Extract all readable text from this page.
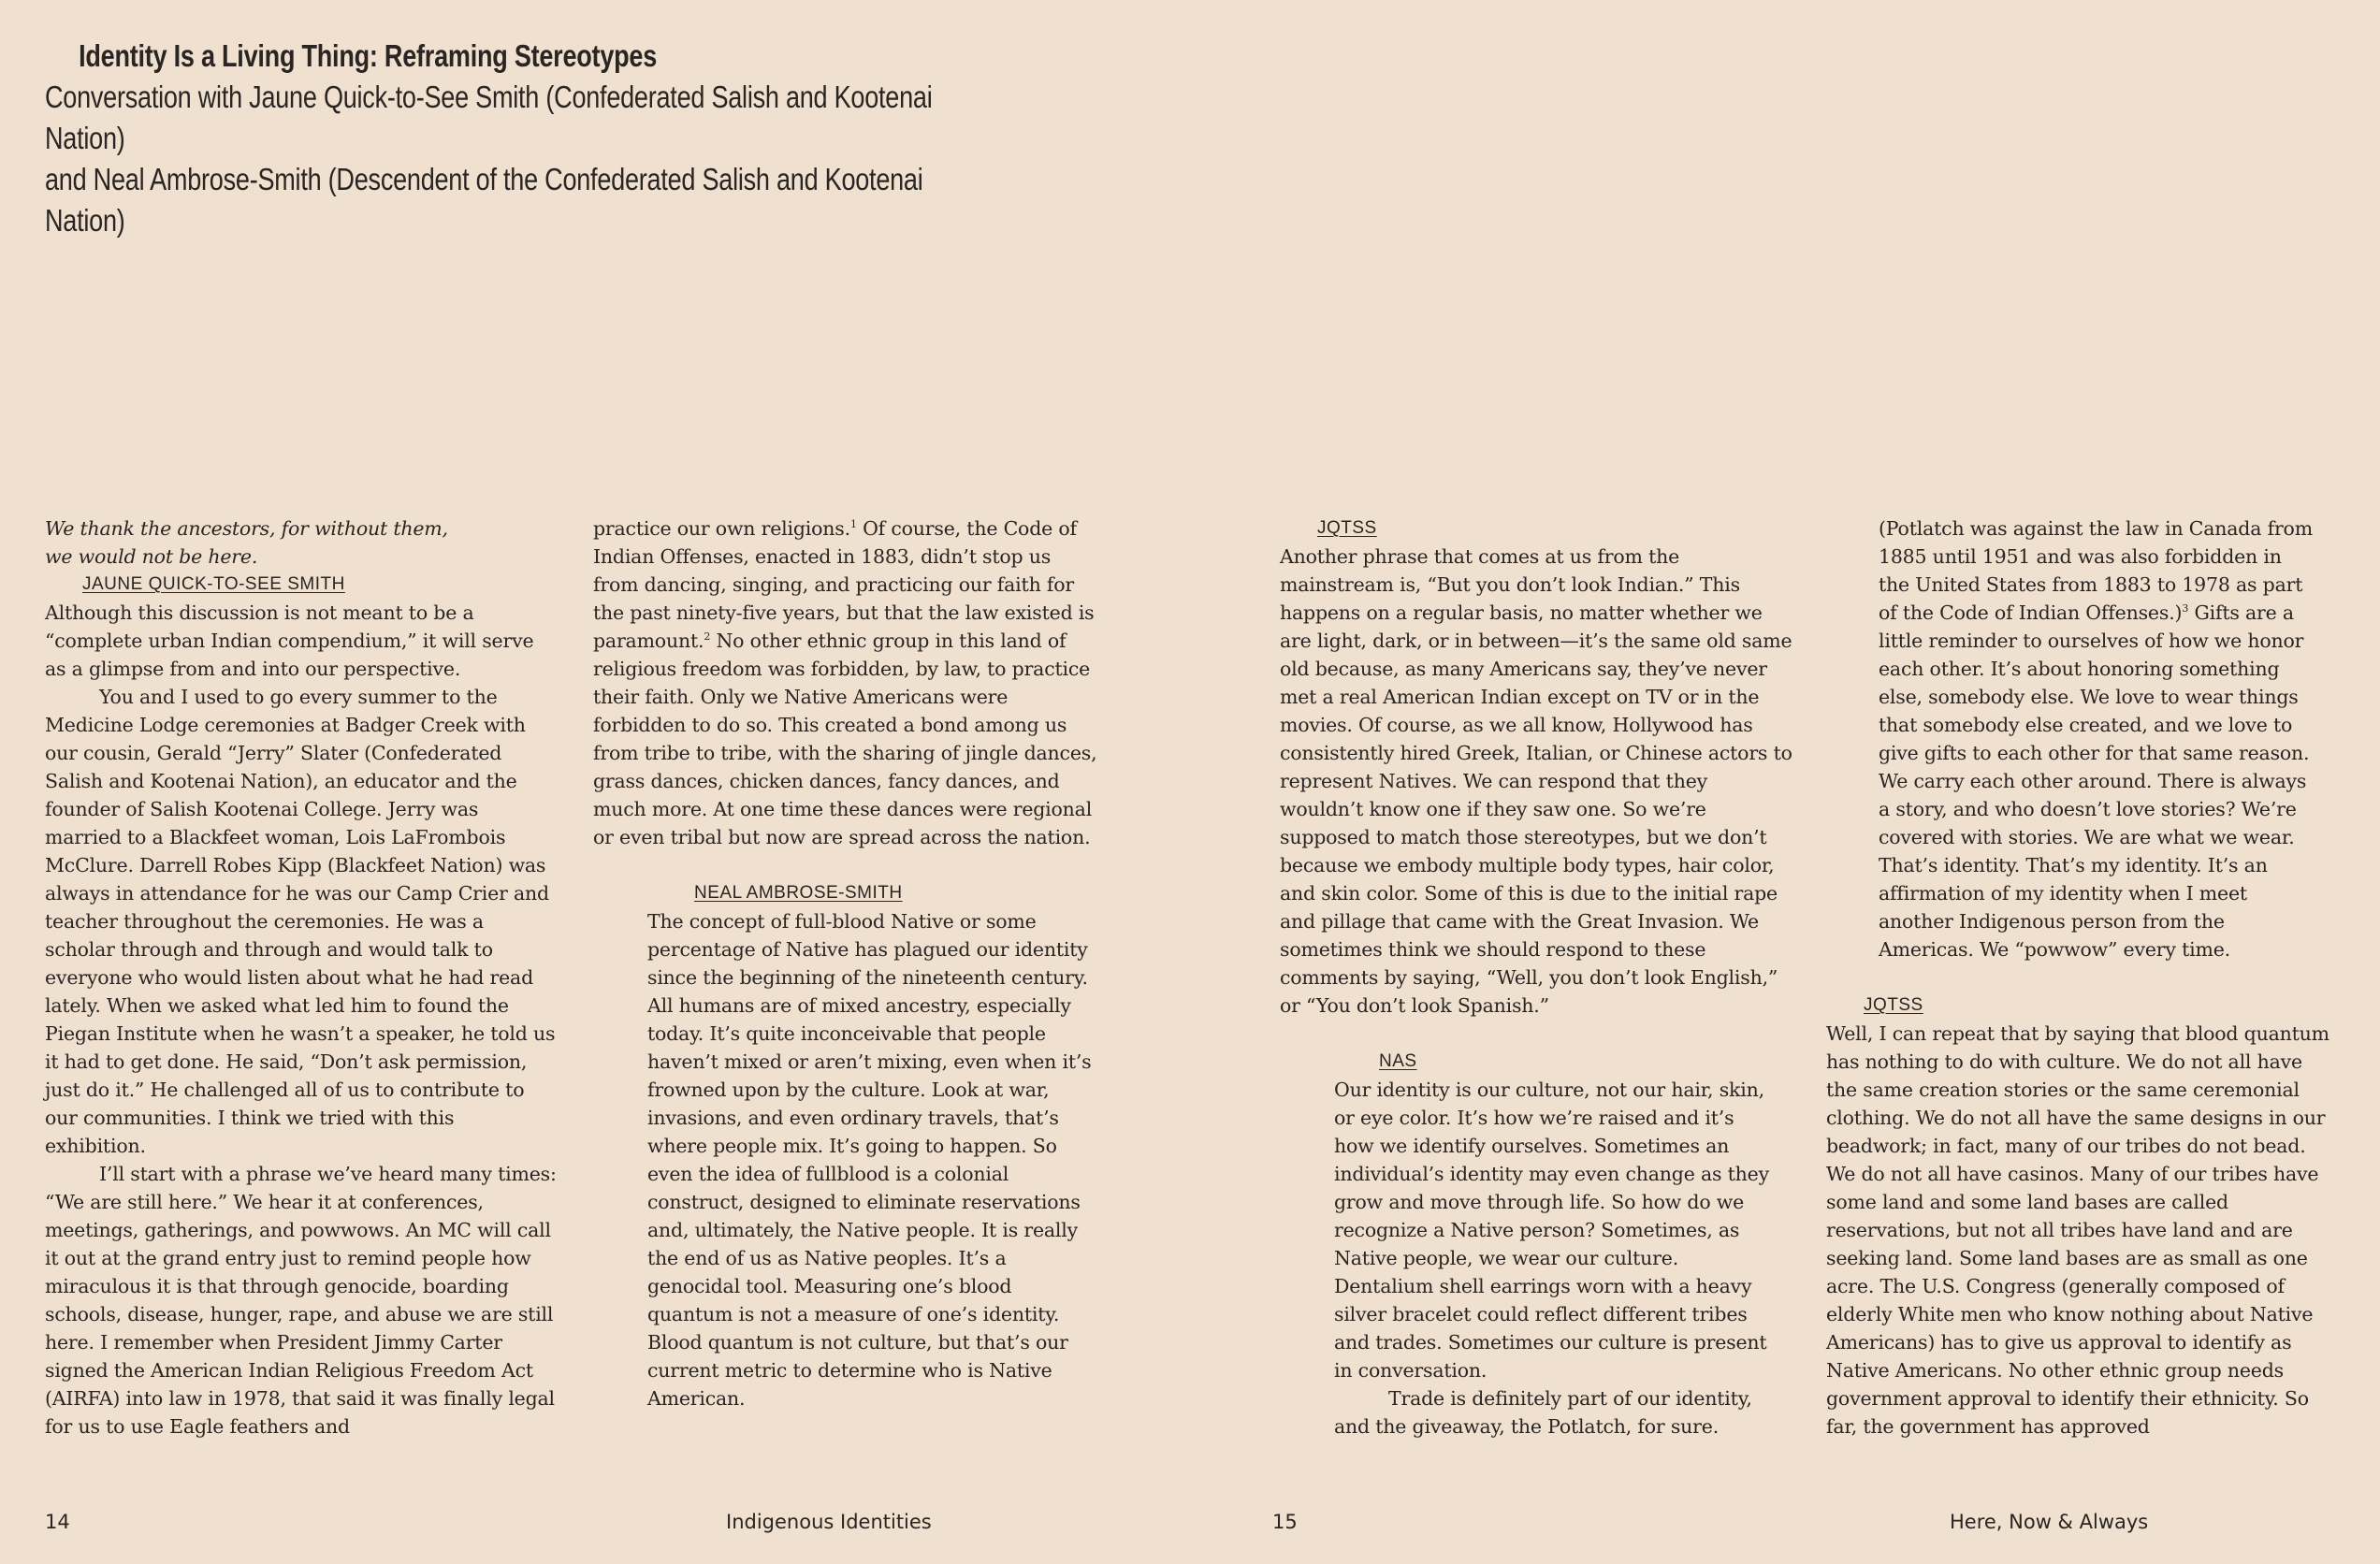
Identity Is a Living Thing: Reframing Stereotypes
Conversation with Jaune Quick-to-See Smith (Confederated Salish and Kootenai Nation)
and Neal Ambrose-Smith (Descendent of the Confederated Salish and Kootenai Nation)

We thank the ancestors, for without them, we would not be here.

JAUNE QUICK-TO-SEE SMITH

Although this discussion is not meant to be a “complete urban Indian compendium,” it will serve as a glimpse from and into our perspective.

You and I used to go every summer to the Medicine Lodge ceremonies at Badger Creek with our cousin, Gerald “Jerry” Slater (Confederated Salish and Kootenai Nation), an educator and the founder of Salish Kootenai College. Jerry was married to a Blackfeet woman, Lois LaFrombois McClure. Darrell Robes Kipp (Blackfeet Nation) was always in attendance for he was our Camp Crier and teacher throughout the ceremonies. He was a scholar through and through and would talk to everyone who would listen about what he had read lately. When we asked what led him to found the Piegan Institute when he wasn’t a speaker, he told us it had to get done. He said, “Don’t ask permission, just do it.” He challenged all of us to contribute to our communities. I think we tried with this exhibition.

I’ll start with a phrase we’ve heard many times: “We are still here.” We hear it at conferences, meetings, gatherings, and powwows. An MC will call it out at the grand entry just to remind people how miraculous it is that through genocide, boarding schools, disease, hunger, rape, and abuse we are still here. I remember when President Jimmy Carter signed the American Indian Religious Freedom Act (AIRFA) into law in 1978, that said it was finally legal for us to use Eagle feathers and

practice our own religions.$^1$ Of course, the Code of Indian Offenses, enacted in 1883, didn’t stop us from dancing, singing, and practicing our faith for the past ninety-five years, but that the law existed is paramount.$^2$ No other ethnic group in this land of religious freedom was forbidden, by law, to practice their faith. Only we Native Americans were forbidden to do so. This created a bond among us from tribe to tribe, with the sharing of jingle dances, grass dances, chicken dances, fancy dances, and much more. At one time these dances were regional or even tribal but now are spread across the nation.

NEAL AMBROSE-SMITH

The concept of full-blood Native or some percentage of Native has plagued our identity since the beginning of the nineteenth century. All humans are of mixed ancestry, especially today. It’s quite inconceivable that people haven’t mixed or aren’t mixing, even when it’s frowned upon by the culture. Look at war, invasions, and even ordinary travels, that’s where people mix. It’s going to happen. So even the idea of fullblood is a colonial construct, designed to eliminate reservations and, ultimately, the Native people. It is really the end of us as Native peoples. It’s a genocidal tool. Measuring one’s blood quantum is not a measure of one’s identity. Blood quantum is not culture, but that’s our current metric to determine who is Native American.

JQTSS

Another phrase that comes at us from the mainstream is, “But you don’t look Indian.” This happens on a regular basis, no matter whether we are light, dark, or in between—it’s the same old same old because, as many Americans say, they’ve never met a real American Indian except on TV or in the movies. Of course, as we all know, Hollywood has consistently hired Greek, Italian, or Chinese actors to represent Natives. We can respond that they wouldn’t know one if they saw one. So we’re supposed to match those stereotypes, but we don’t because we embody multiple body types, hair color, and skin color. Some of this is due to the initial rape and pillage that came with the Great Invasion. We sometimes think we should respond to these comments by saying, “Well, you don’t look English,” or “You don’t look Spanish.”

NAS

Our identity is our culture, not our hair, skin, or eye color. It’s how we’re raised and it’s how we identify ourselves. Sometimes an individual’s identity may even change as they grow and move through life. So how do we recognize a Native person? Sometimes, as Native people, we wear our culture. Dentalium shell earrings worn with a heavy silver bracelet could reflect different tribes and trades. Sometimes our culture is present in conversation.

Trade is definitely part of our identity, and the giveaway, the Potlatch, for sure.

(Potlatch was against the law in Canada from 1885 until 1951 and was also forbidden in the United States from 1883 to 1978 as part of the Code of Indian Offenses.)$^3$ Gifts are a little reminder to ourselves of how we honor each other. It’s about honoring something else, somebody else. We love to wear things that somebody else created, and we love to give gifts to each other for that same reason. We carry each other around. There is always a story, and who doesn’t love stories? We’re covered with stories. We are what we wear. That’s identity. That’s my identity. It’s an affirmation of my identity when I meet another Indigenous person from the Americas. We “powwow” every time.

JQTSS

Well, I can repeat that by saying that blood quantum has nothing to do with culture. We do not all have the same creation stories or the same ceremonial clothing. We do not all have the same designs in our beadwork; in fact, many of our tribes do not bead. We do not all have casinos. Many of our tribes have some land and some land bases are called reservations, but not all tribes have land and are seeking land. Some land bases are as small as one acre. The U.S. Congress (generally composed of elderly White men who know nothing about Native Americans) has to give us approval to identify as Native Americans. No other ethnic group needs government approval to identify their ethnicity. So far, the government has approved

14	Indigenous Identities	15	Here, Now & Always
